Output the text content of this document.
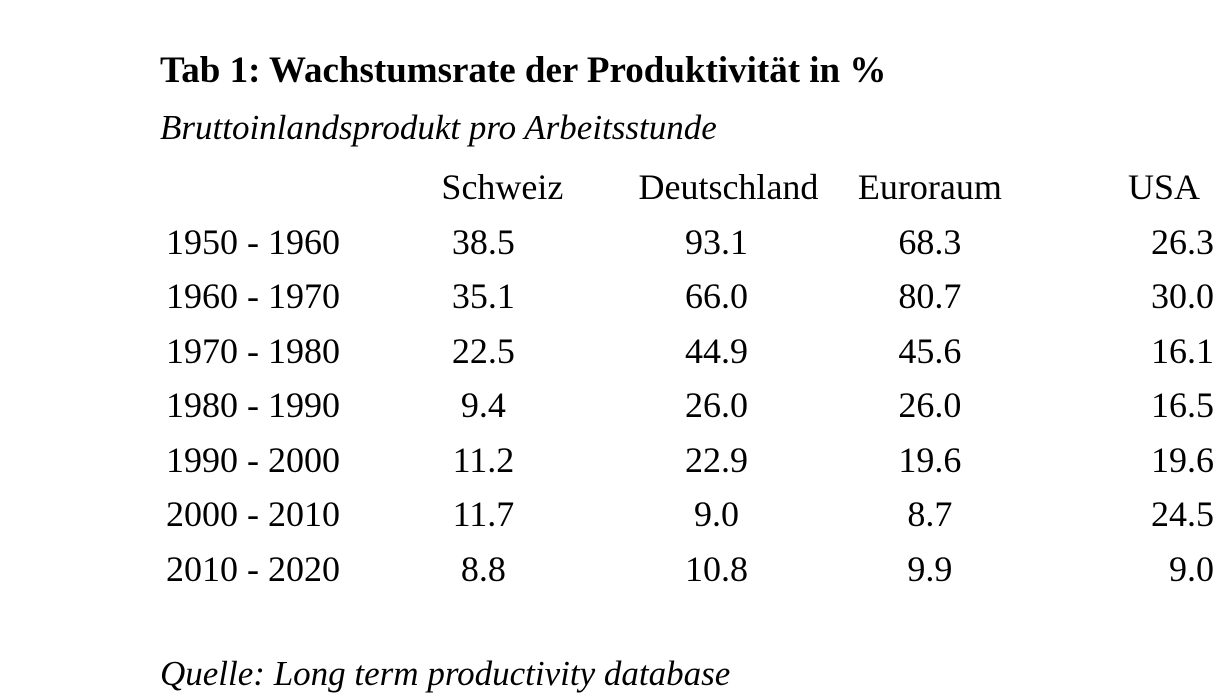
Tab 1: Wachstumsrate der Produktivität in %
Bruttoinlandsprodukt pro Arbeitsstunde
	Schweiz	Deutschland	Euroraum	USA
1950 - 1960	38.5	93.1	68.3	26.3
1960 - 1970	35.1	66.0	80.7	30.0
1970 - 1980	22.5	44.9	45.6	16.1
1980 - 1990	9.4	26.0	26.0	16.5
1990 - 2000	11.2	22.9	19.6	19.6
2000 - 2010	11.7	9.0	8.7	24.5
2010 - 2020	8.8	10.8	9.9	9.0
Quelle: Long term productivity database
